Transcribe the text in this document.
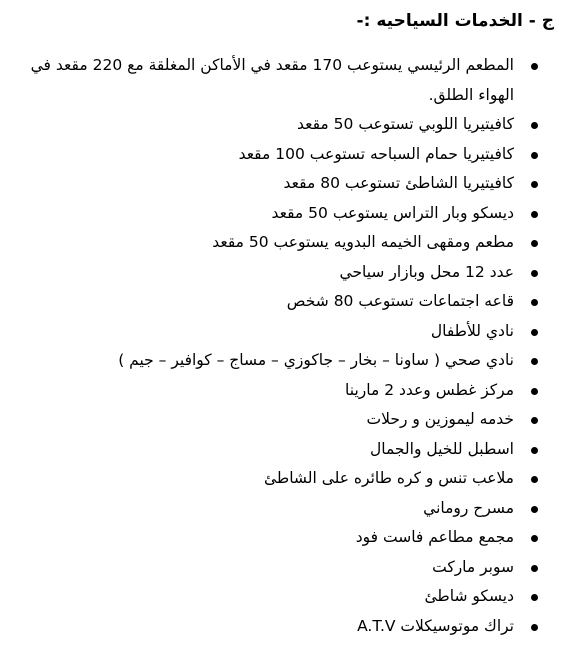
ج - الخدمات السياحيه :-
المطعم الرئيسي يستوعب 170 مقعد في الأماكن المغلقة مع 220 مقعد في الهواء الطلق.
كافيتيريا اللوبي تستوعب 50 مقعد
كافيتيريا حمام السباحه تستوعب 100 مقعد
كافيتيريا الشاطئ تستوعب 80 مقعد
ديسكو وبار التراس يستوعب 50 مقعد
مطعم ومقهى الخيمه البدويه يستوعب 50 مقعد
عدد 12 محل وبازار سياحي
قاعه اجتماعات تستوعب 80 شخص
نادي للأطفال
نادي صحي ( ساونا – بخار – جاكوزي – مساج – كوافير – جيم )
مركز غطس وعدد 2 مارينا
خدمه ليموزين و رحلات
اسطبل للخيل والجمال
ملاعب تنس و كره طائره على الشاطئ
مسرح روماني
مجمع مطاعم فاست فود
سوبر ماركت
ديسكو شاطئ
تراك موتوسيكلات A.T.V
